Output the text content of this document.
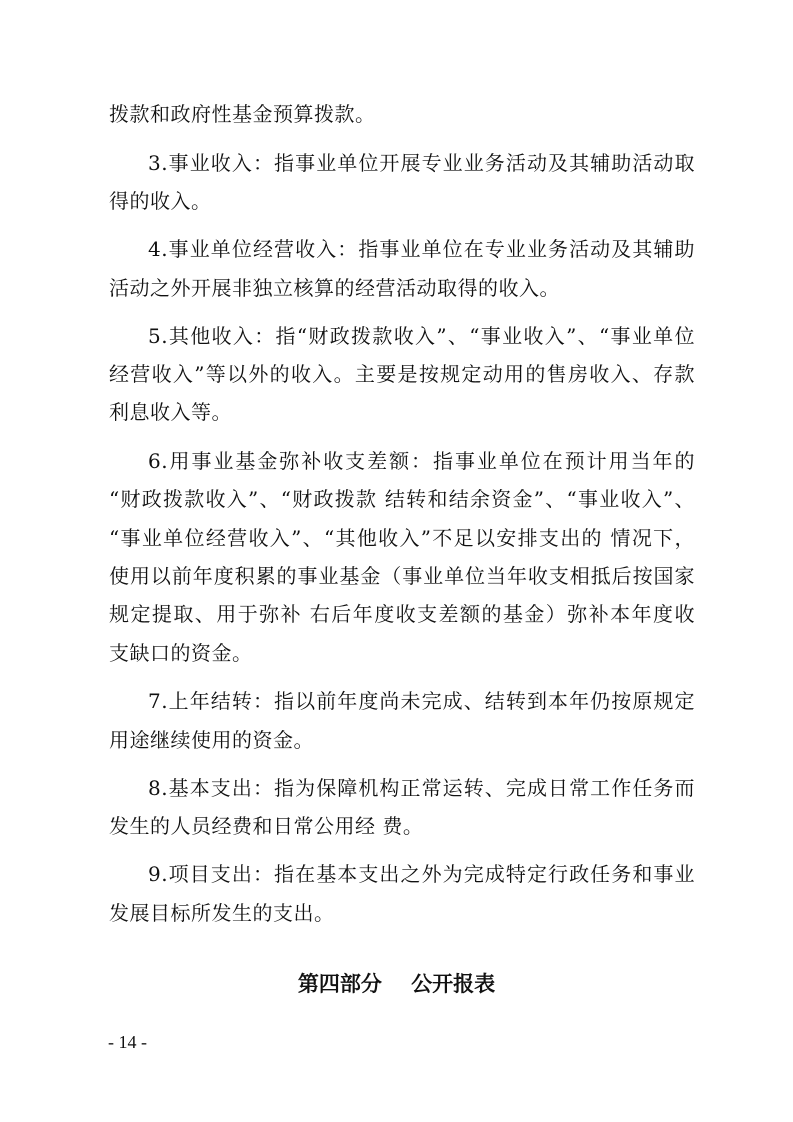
拨款和政府性基金预算拨款。
3.事业收入：指事业单位开展专业业务活动及其辅助活动取
得的收入。
4.事业单位经营收入：指事业单位在专业业务活动及其辅助
活动之外开展非独立核算的经营活动取得的收入。
5.其他收入：指“财政拨款收入”、“事业收入”、“事业单位
经营收入”等以外的收入。主要是按规定动用的售房收入、存款
利息收入等。
6.用事业基金弥补收支差额：指事业单位在预计用当年的
“财政拨款收入”、“财政拨款 结转和结余资金”、“事业收入”、
“事业单位经营收入”、“其他收入”不足以安排支出的 情况下，
使用以前年度积累的事业基金（事业单位当年收支相抵后按国家
规定提取、用于弥补 右后年度收支差额的基金）弥补本年度收
支缺口的资金。
7.上年结转：指以前年度尚未完成、结转到本年仍按原规定
用途继续使用的资金。
8.基本支出：指为保障机构正常运转、完成日常工作任务而
发生的人员经费和日常公用经 费。
9.项目支出：指在基本支出之外为完成特定行政任务和事业
发展目标所发生的支出。
第四部分    公开报表
- 14 -
